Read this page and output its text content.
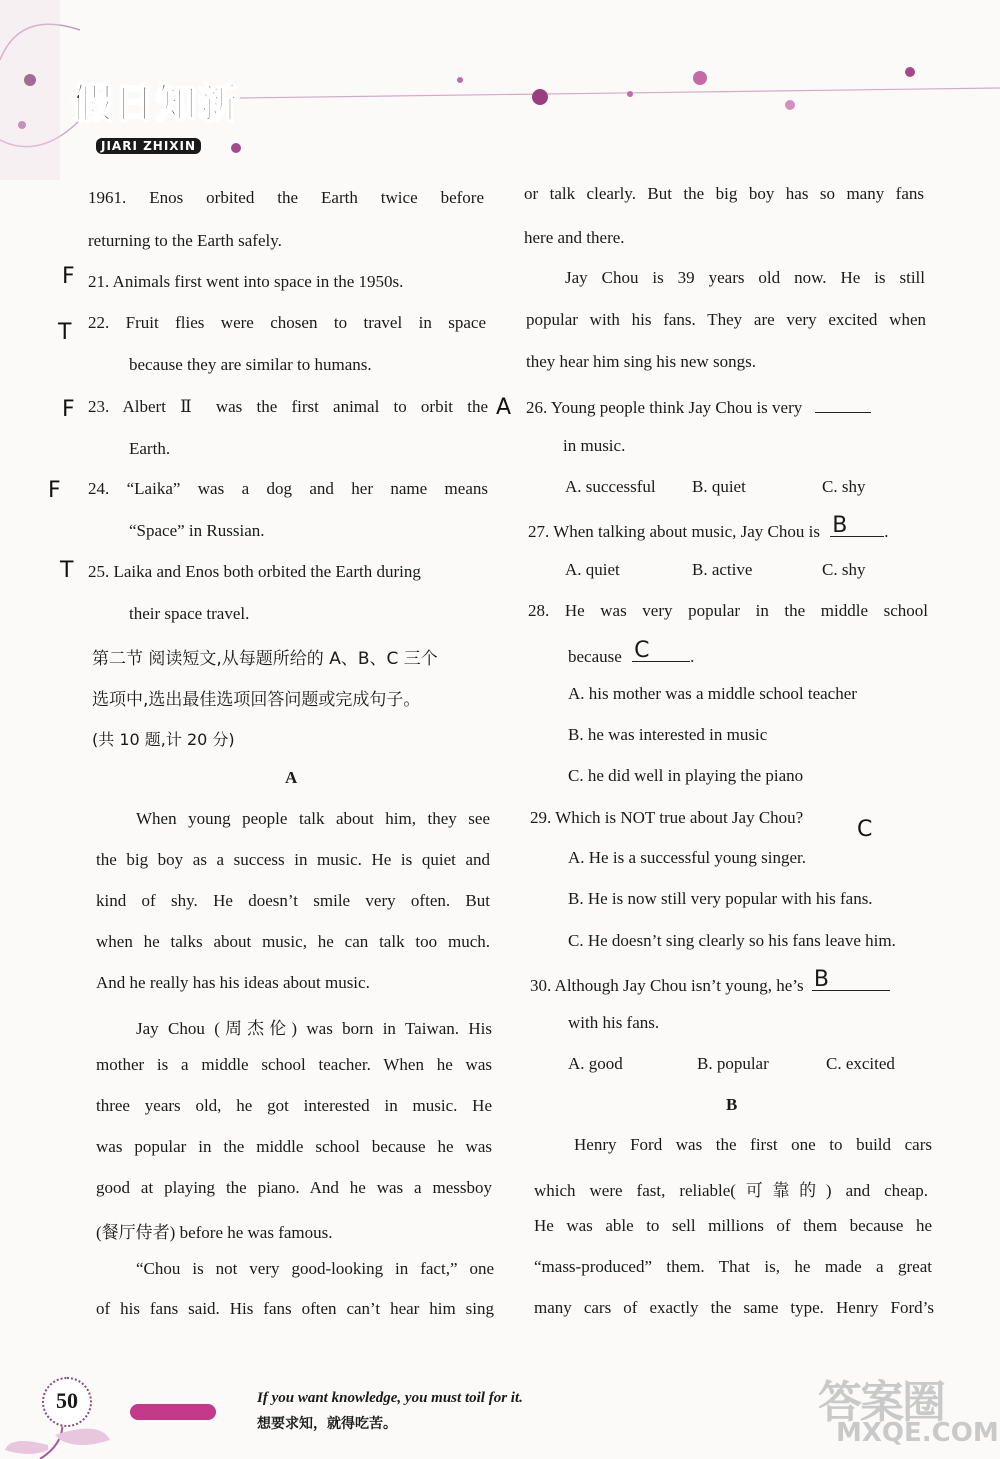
假日知新
JIARI ZHIXIN
1961. Enos orbited the Earth twice before
returning to the Earth safely.
21. Animals first went into space in the 1950s.
22. Fruit flies were chosen to travel in space
because they are similar to humans.
23. Albert Ⅱ was the first animal to orbit the
Earth.
24. “Laika” was a dog and her name means
“Space” in Russian.
25. Laika and Enos both orbited the Earth during
their space travel.
第二节 阅读短文,从每题所给的 A、B、C 三个
选项中,选出最佳选项回答问题或完成句子。
(共 10 题,计 20 分)
A
When young people talk about him, they see
the big boy as a success in music. He is quiet and
kind of shy. He doesn’t smile very often. But
when he talks about music, he can talk too much.
And he really has his ideas about music.
Jay Chou (周杰伦) was born in Taiwan. His
mother is a middle school teacher. When he was
three years old, he got interested in music. He
was popular in the middle school because he was
good at playing the piano. And he was a messboy
(餐厅侍者) before he was famous.
“Chou is not very good-looking in fact,” one
of his fans said. His fans often can’t hear him sing
F
T
F
F
T
A
or talk clearly. But the big boy has so many fans
here and there.
Jay Chou is 39 years old now. He is still
popular with his fans. They are very excited when
they hear him sing his new songs.
26. Young people think Jay Chou is very
in music.
A. successful B. quiet	C. shy
27. When talking about music, Jay Chou is B .
A. quiet	B. active	C. shy
28. He was very popular in the middle school
because C .
A. his mother was a middle school teacher
B. he was interested in music
C. he did well in playing the piano
29. Which is NOT true about Jay Chou? C
A. He is a successful young singer.
B. He is now still very popular with his fans.
C. He doesn’t sing clearly so his fans leave him.
30. Although Jay Chou isn’t young, he’s B
with his fans.
A. good	B. popular	C. excited
B
Henry Ford was the first one to build cars
which were fast, reliable(可靠的) and cheap.
He was able to sell millions of them because he
“mass-produced” them. That is, he made a great
many cars of exactly the same type. Henry Ford’s
50	If you want knowledge, you must toil for it.
想要求知，就得吃苦。	答案圈
MXQE.COM
